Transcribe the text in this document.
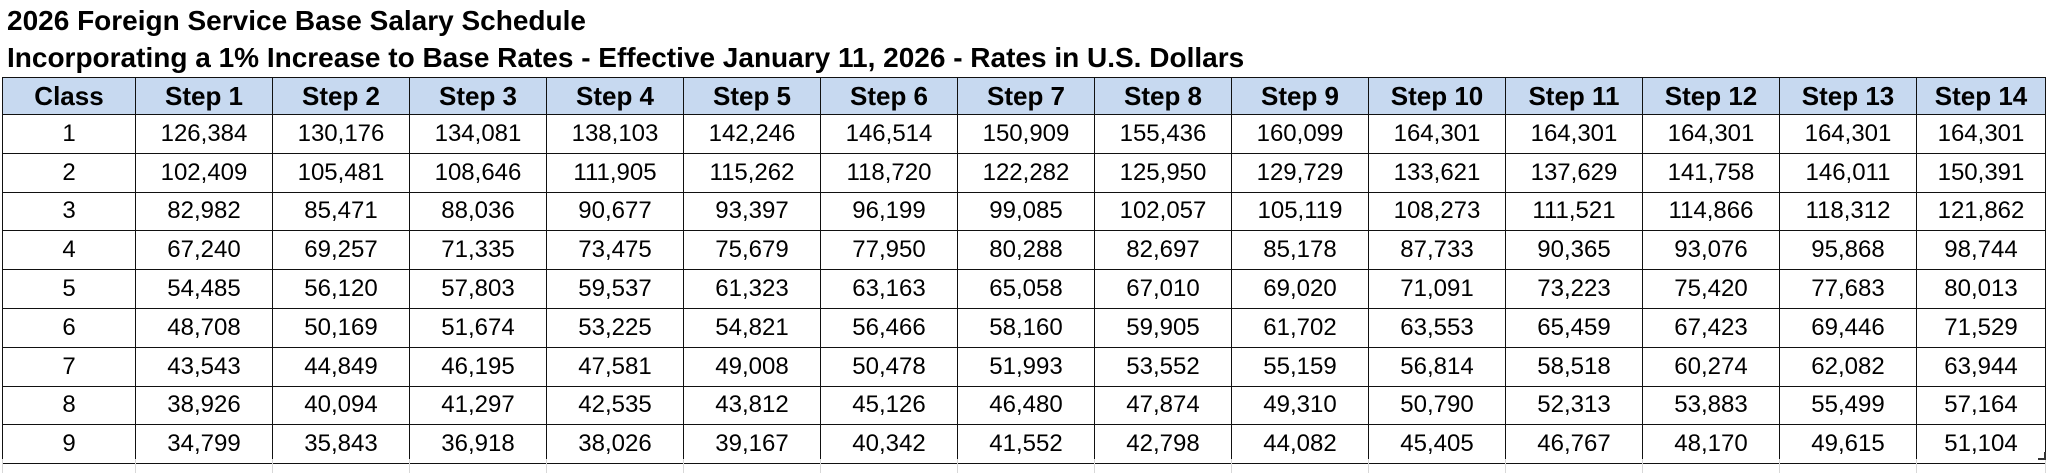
2026 Foreign Service Base Salary Schedule
Incorporating a 1% Increase to Base Rates - Effective January 11, 2026 - Rates in U.S. Dollars
Class	Step 1	Step 2	Step 3	Step 4	Step 5	Step 6	Step 7	Step 8	Step 9	Step 10	Step 11	Step 12	Step 13	Step 14
1	126,384	130,176	134,081	138,103	142,246	146,514	150,909	155,436	160,099	164,301	164,301	164,301	164,301	164,301
2	102,409	105,481	108,646	111,905	115,262	118,720	122,282	125,950	129,729	133,621	137,629	141,758	146,011	150,391
3	82,982	85,471	88,036	90,677	93,397	96,199	99,085	102,057	105,119	108,273	111,521	114,866	118,312	121,862
4	67,240	69,257	71,335	73,475	75,679	77,950	80,288	82,697	85,178	87,733	90,365	93,076	95,868	98,744
5	54,485	56,120	57,803	59,537	61,323	63,163	65,058	67,010	69,020	71,091	73,223	75,420	77,683	80,013
6	48,708	50,169	51,674	53,225	54,821	56,466	58,160	59,905	61,702	63,553	65,459	67,423	69,446	71,529
7	43,543	44,849	46,195	47,581	49,008	50,478	51,993	53,552	55,159	56,814	58,518	60,274	62,082	63,944
8	38,926	40,094	41,297	42,535	43,812	45,126	46,480	47,874	49,310	50,790	52,313	53,883	55,499	57,164
9	34,799	35,843	36,918	38,026	39,167	40,342	41,552	42,798	44,082	45,405	46,767	48,170	49,615	51,104
